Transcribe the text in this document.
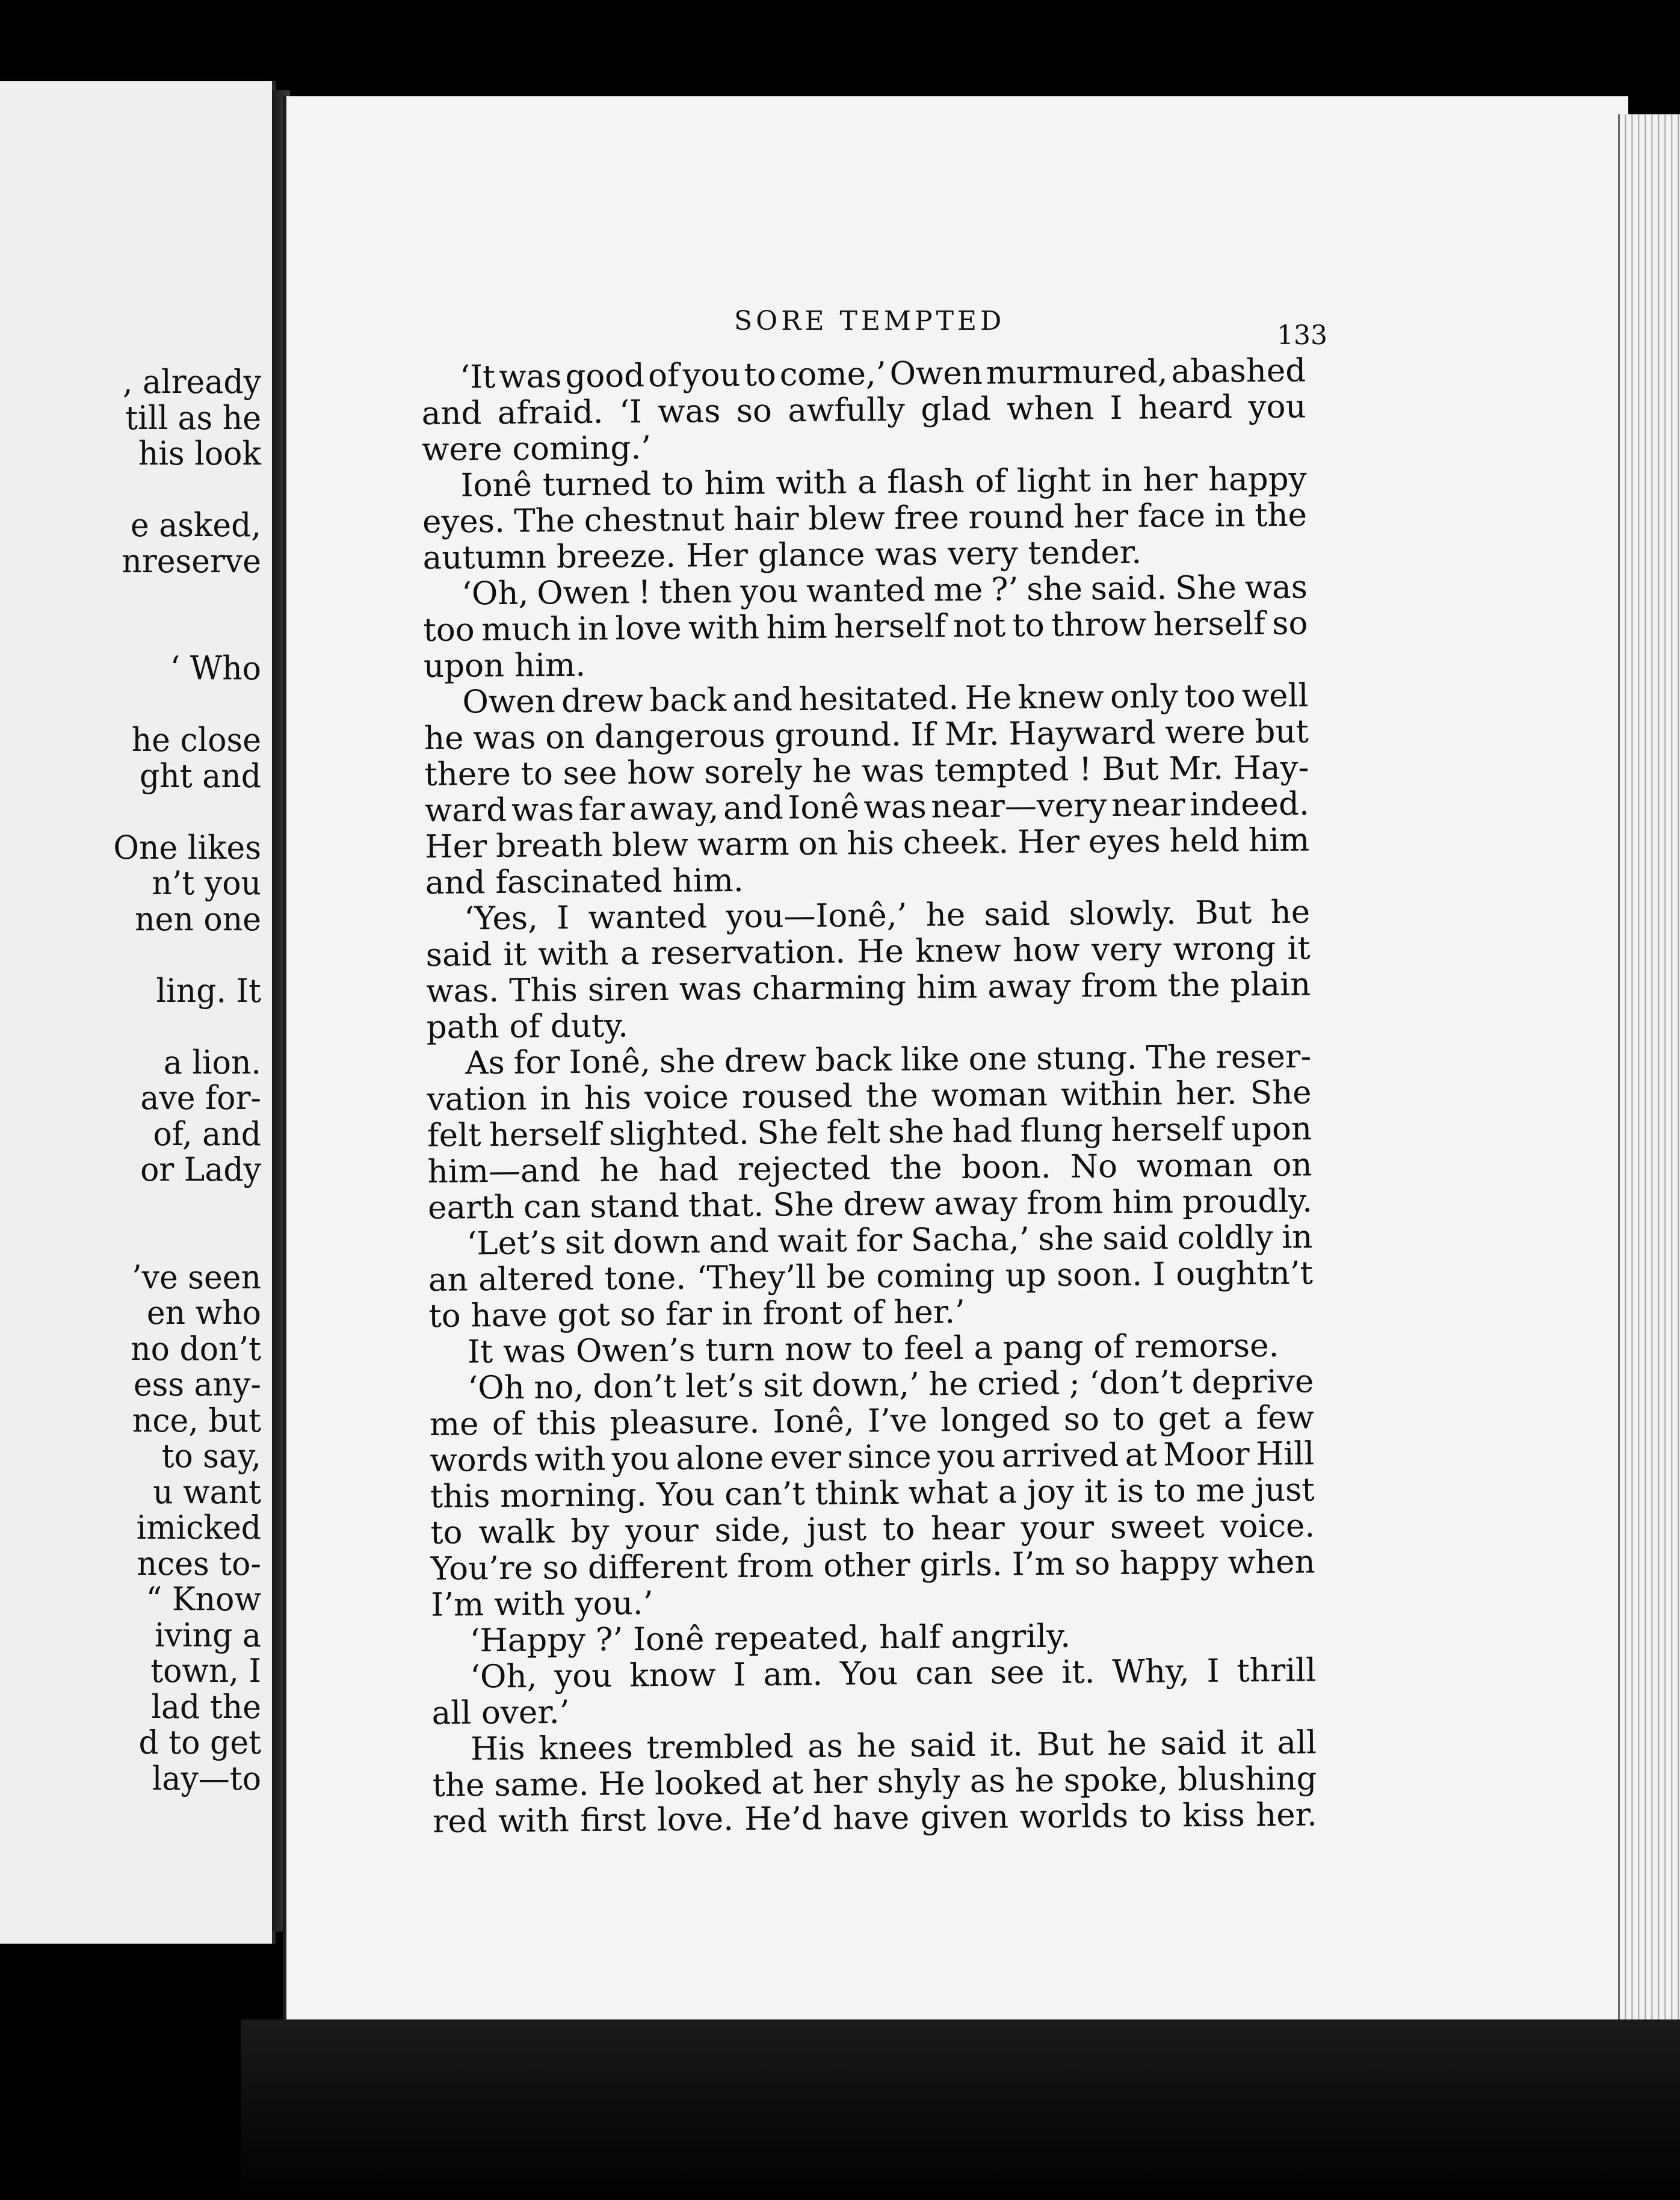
, already
till as he
his look
e asked,
nreserve
‘ Who
he close
ght and
One likes
n’t you
nen one
ling. It
a lion.
ave for-
of, and
or Lady
’ve seen
en who
no don’t
ess any-
nce, but
to say,
u want
imicked
nces to-
“ Know
iving a
town, I
lad the
d to get
lay—to
SORE TEMPTED	133
‘It was good of you to come,’ Owen murmured, abashed
and afraid. ‘I was so awfully glad when I heard you
were coming.’
Ionê turned to him with a flash of light in her happy
eyes. The chestnut hair blew free round her face in the
autumn breeze. Her glance was very tender.
‘Oh, Owen ! then you wanted me ?’ she said. She was
too much in love with him herself not to throw herself so
upon him.
Owen drew back and hesitated. He knew only too well
he was on dangerous ground. If Mr. Hayward were but
there to see how sorely he was tempted ! But Mr. Hay-
ward was far away, and Ionê was near—very near indeed.
Her breath blew warm on his cheek. Her eyes held him
and fascinated him.
‘Yes, I wanted you—Ionê,’ he said slowly. But he
said it with a reservation. He knew how very wrong it
was. This siren was charming him away from the plain
path of duty.
As for Ionê, she drew back like one stung. The reser-
vation in his voice roused the woman within her. She
felt herself slighted. She felt she had flung herself upon
him—and he had rejected the boon. No woman on
earth can stand that. She drew away from him proudly.
‘Let’s sit down and wait for Sacha,’ she said coldly in
an altered tone. ‘They’ll be coming up soon. I oughtn’t
to have got so far in front of her.’
It was Owen’s turn now to feel a pang of remorse.
‘Oh no, don’t let’s sit down,’ he cried ; ‘don’t deprive
me of this pleasure. Ionê, I’ve longed so to get a few
words with you alone ever since you arrived at Moor Hill
this morning. You can’t think what a joy it is to me just
to walk by your side, just to hear your sweet voice.
You’re so different from other girls. I’m so happy when
I’m with you.’
‘Happy ?’ Ionê repeated, half angrily.
‘Oh, you know I am. You can see it. Why, I thrill
all over.’
His knees trembled as he said it. But he said it all
the same. He looked at her shyly as he spoke, blushing
red with first love. He’d have given worlds to kiss her.
